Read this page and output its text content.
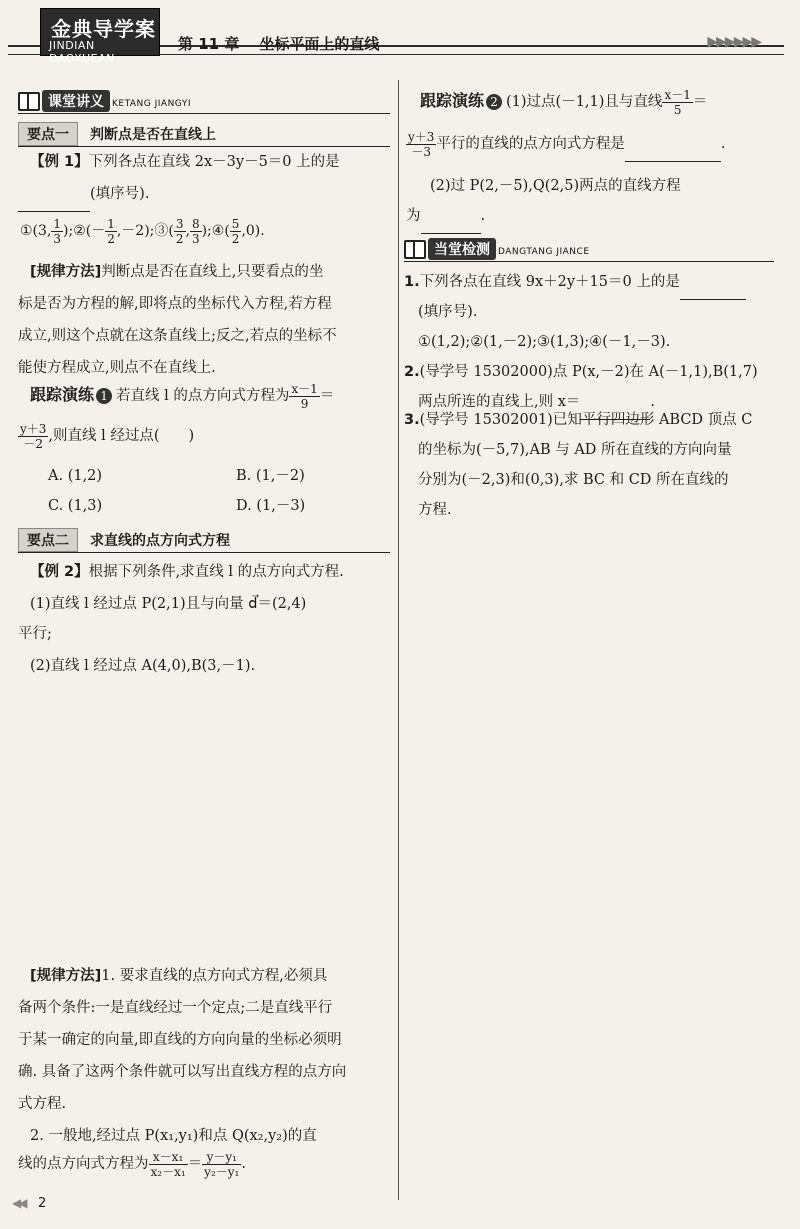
金典导学案
JINDIAN DAOXUEAN
第 11 章 坐标平面上的直线	▶▶▶▶▶▶
课堂讲义 KETANG JIANGYI
要点一 判断点是否在直线上
【例 1】下列各点在直线 2x－3y－5＝0 上的是
(填序号).
①(3, $\frac{1}{3}$ );②(－ $\frac{1}{2}$ ,－2);③( $\frac{3}{2}$ , $\frac{8}{3}$ );④( $\frac{5}{2} ,0$).
[规律方法]判断点是否在直线上,只要看点的坐
标是否为方程的解,即将点的坐标代入方程,若方程
成立,则这个点就在这条直线上;反之,若点的坐标不
能使方程成立,则点不在直线上.
跟踪演练 1 若直线 l 的点方向式方程为 $\frac{x-1}{9}$ ＝
$\frac{y+3}{-2}$ ,则直线 l 经过点(　　)
A. (1,2)	B. (1,－2)
C. (1,3)	D. (1,－3)
要点二 求直线的点方向式方程
【例 2】根据下列条件,求直线 l 的点方向式方程.
(1)直线 l 经过点 P(2,1)且与向量 d⃗＝(2,4)
平行;
(2)直线 l 经过点 A(4,0),B(3,－1).
[规律方法]1. 要求直线的点方向式方程,必须具
备两个条件:一是直线经过一个定点;二是直线平行
于某一确定的向量,即直线的方向向量的坐标必须明
确. 具备了这两个条件就可以写出直线方程的点方向
式方程.
2. 一般地,经过点 P(x₁,y₁)和点 Q(x₂,y₂)的直
线的点方向式方程为 $\frac{\text{x－x₁}}{\text{x₂－x₁}} = \frac{\text{y－y₁}}{\text{y₂－y₁}}$ .
跟踪演练 2 (1)过点(－1,1)且与直线 $\frac{x-1}{5}$ ＝
$\frac{y+3}{-3}$ 平行的直线的点方向式方程是	.
(2)过 P(2,－5),Q(2,5)两点的直线方程
为	.
当堂检测 DANGTANG JIANCE
1.下列各点在直线 9x＋2y＋15＝0 上的是
(填序号).
①(1,2);②(1,－2);③(1,3);④(－1,－3).
2.(导学号 15302000)点 P(x,－2)在 A(－1,1),B(1,7)
两点所连的直线上,则 x＝	.
3.(导学号 15302001)已知平行四边形 ABCD 顶点 C
的坐标为(－5,7),AB 与 AD 所在直线的方向向量
分别为(－2,3)和(0,3),求 BC 和 CD 所在直线的
方程.
◀◀ 2
